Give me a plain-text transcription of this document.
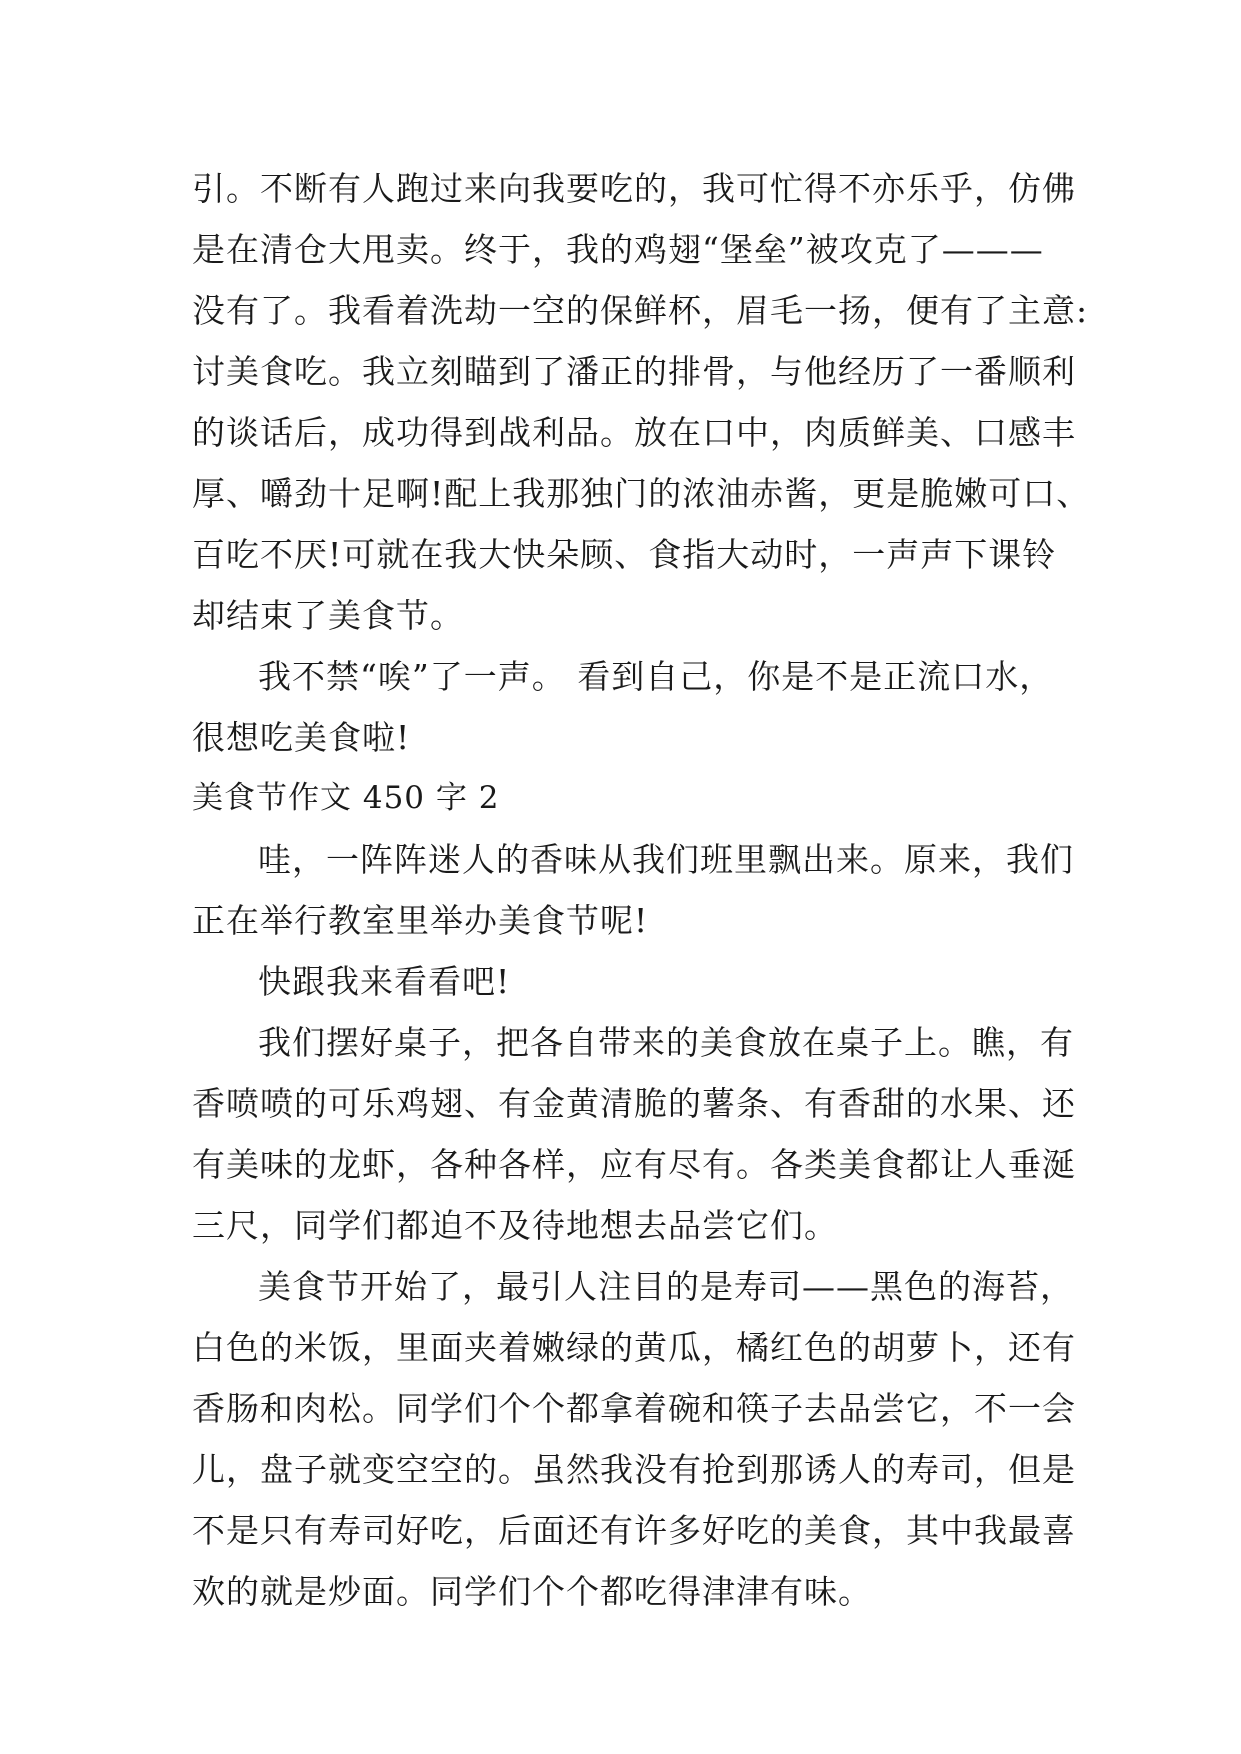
引。不断有人跑过来向我要吃的，我可忙得不亦乐乎，仿佛
是在清仓大甩卖。终于，我的鸡翅“堡垒”被攻克了———
没有了。我看着洗劫一空的保鲜杯，眉毛一扬，便有了主意:
讨美食吃。我立刻瞄到了潘正的排骨，与他经历了一番顺利
的谈话后，成功得到战利品。放在口中，肉质鲜美、口感丰
厚、嚼劲十足啊!配上我那独门的浓油赤酱，更是脆嫩可口、
百吃不厌!可就在我大快朵顾、食指大动时，一声声下课铃
却结束了美食节。
我不禁“唉”了一声。 看到自己，你是不是正流口水，
很想吃美食啦!
美食节作文 450 字 2
哇，一阵阵迷人的香味从我们班里飘出来。原来，我们
正在举行教室里举办美食节呢!
快跟我来看看吧!
我们摆好桌子，把各自带来的美食放在桌子上。瞧，有
香喷喷的可乐鸡翅、有金黄清脆的薯条、有香甜的水果、还
有美味的龙虾，各种各样，应有尽有。各类美食都让人垂涎
三尺，同学们都迫不及待地想去品尝它们。
美食节开始了，最引人注目的是寿司——黑色的海苔，
白色的米饭，里面夹着嫩绿的黄瓜，橘红色的胡萝卜，还有
香肠和肉松。同学们个个都拿着碗和筷子去品尝它，不一会
儿，盘子就变空空的。虽然我没有抢到那诱人的寿司，但是
不是只有寿司好吃，后面还有许多好吃的美食，其中我最喜
欢的就是炒面。同学们个个都吃得津津有味。
